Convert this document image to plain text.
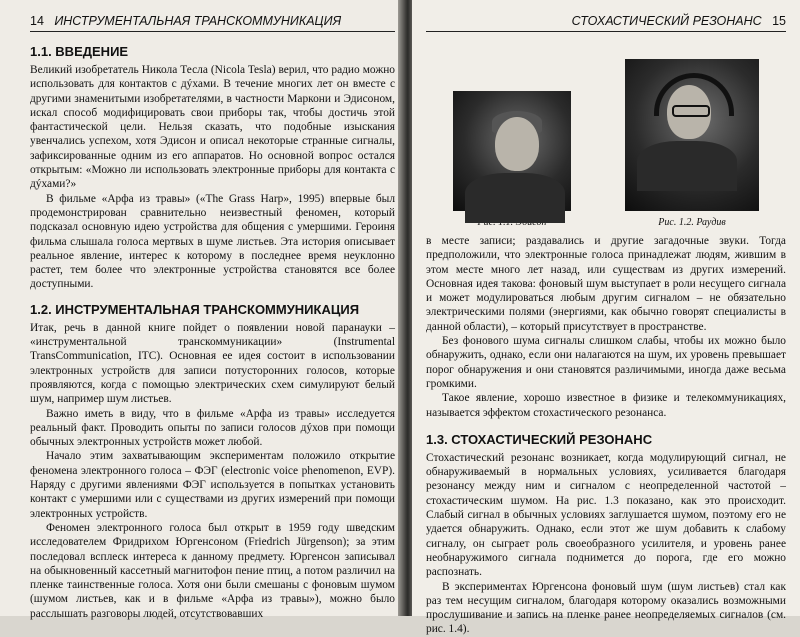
14 ИНСТРУМЕНТАЛЬНАЯ ТРАНСКОММУНИКАЦИЯ
1.1. ВВЕДЕНИЕ

Великий изобретатель Никола Тесла (Nicola Tesla) верил, что радио можно использовать для контактов с дýхами. В течение многих лет он вместе с другими знаменитыми изобретателями, в частности Маркони и Эдисоном, искал способ модифицировать свои приборы так, чтобы достичь этой фантастической цели. Нельзя сказать, что подобные изыскания увенчались успехом, хотя Эдисон и описал некоторые странные сигналы, зафиксированные одним из его аппаратов. Но основной вопрос остался открытым: «Можно ли использовать электронные приборы для контакта с дýхами?»

В фильме «Арфа из травы» («The Grass Harp», 1995) впервые был продемонстрирован сравнительно неизвестный феномен, который подсказал основную идею устройства для общения с умершими. Героиня фильма слышала голоса мертвых в шуме листьев. Эта история описывает реальное явление, интерес к которому в последнее время неуклонно растет, тем более что электронные устройства становятся все более доступными.

1.2. ИНСТРУМЕНТАЛЬНАЯ ТРАНСКОММУНИКАЦИЯ

Итак, речь в данной книге пойдет о появлении новой паранауки – «инструментальной транскоммуникации» (Instrumental TransCommunication, ITC). Основная ее идея состоит в использовании электронных устройств для записи потусторонних голосов, которые проявляются, когда с помощью электрических схем симулируют белый шум, например шум листьев.

Важно иметь в виду, что в фильме «Арфа из травы» исследуется реальный факт. Проводить опыты по записи голосов дýхов при помощи обычных электронных устройств может любой.

Начало этим захватывающим экспериментам положило открытие феномена электронного голоса – ФЭГ (electronic voice phenomenon, EVP). Наряду с другими явлениями ФЭГ используется в попытках установить контакт с умершими или с существами из других измерений при помощи электронных устройств.

Феномен электронного голоса был открыт в 1959 году шведским исследователем Фридрихом Юргенсоном (Friedrich Jürgenson); за этим последовал всплеск интереса к данному предмету. Юргенсон записывал на обыкновенный кассетный магнитофон пение птиц, а потом различил на пленке таинственные голоса. Хотя они были смешаны с фоновым шумом (шумом листьев, как и в фильме «Арфа из травы»), можно было расслышать разговоры людей, отсутствовавших

СТОХАСТИЧЕСКИЙ РЕЗОНАНС 15
Рис. 1.2. Раудив

в месте записи; раздавались и другие загадочные звуки. Тогда предположили, что электронные голоса принадлежат людям, жившим в этом месте много лет назад, или существам из других измерений. Основная идея такова: фоновый шум выступает в роли несущего сигнала и может модулироваться любым другим сигналом – не обязательно электрическими полями (энергиями, как обычно говорят специалисты в данной области), – который присутствует в пространстве.

Без фонового шума сигналы слишком слабы, чтобы их можно было обнаружить, однако, если они налагаются на шум, их уровень превышает порог обнаружения и они становятся различимыми, иногда даже весьма громкими.

Такое явление, хорошо известное в физике и телекоммуникациях, называется эффектом стохастического резонанса.

1.3. СТОХАСТИЧЕСКИЙ РЕЗОНАНС

Стохастический резонанс возникает, когда модулирующий сигнал, не обнаруживаемый в нормальных условиях, усиливается благодаря резонансу между ним и сигналом с неопределенной частотой – стохастическим шумом. На рис. 1.3 показано, как это происходит. Слабый сигнал в обычных условиях заглушается шумом, поэтому его не удается обнаружить. Однако, если этот же шум добавить к слабому сигналу, он сыграет роль своеобразного усилителя, и уровень ранее необнаружимого сигнала поднимется до порога, где его можно распознать.

В экспериментах Юргенсона фоновый шум (шум листьев) стал как раз тем несущим сигналом, благодаря которому оказались возможными прослушивание и запись на пленке ранее неопределяемых сигналов (см. рис. 1.4).
